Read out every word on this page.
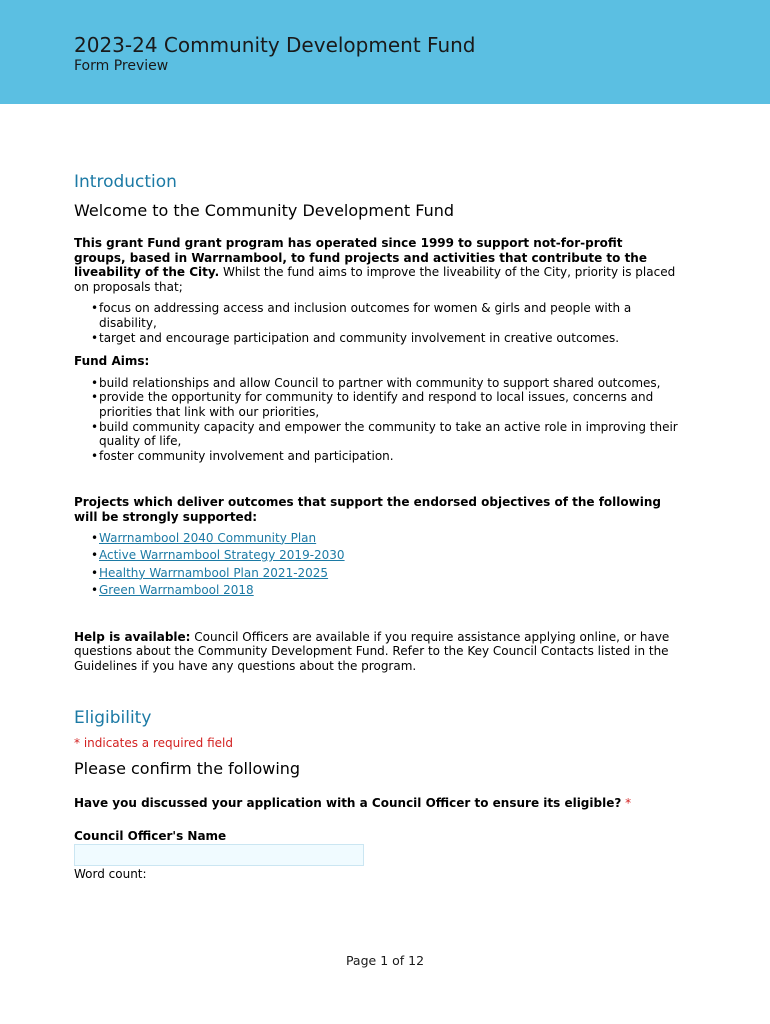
2023-24 Community Development Fund
Form Preview
Introduction
Welcome to the Community Development Fund

This grant Fund grant program has operated since 1999 to support not-for-profit groups, based in Warrnambool, to fund projects and activities that contribute to the liveability of the City. Whilst the fund aims to improve the liveability of the City, priority is placed on proposals that;

• focus on addressing access and inclusion outcomes for women & girls and people with a disability,
• target and encourage participation and community involvement in creative outcomes.

Fund Aims:

• build relationships and allow Council to partner with community to support shared outcomes,
• provide the opportunity for community to identify and respond to local issues, concerns and priorities that link with our priorities,
• build community capacity and empower the community to take an active role in improving their quality of life,
• foster community involvement and participation.

Projects which deliver outcomes that support the endorsed objectives of the following will be strongly supported:

• Warrnambool 2040 Community Plan
• Active Warrnambool Strategy 2019-2030
• Healthy Warrnambool Plan 2021-2025
• Green Warrnambool 2018

Help is available: Council Officers are available if you require assistance applying online, or have questions about the Community Development Fund. Refer to the Key Council Contacts listed in the Guidelines if you have any questions about the program.

Eligibility

* indicates a required field

Please confirm the following

Have you discussed your application with a Council Officer to ensure its eligible? *

Council Officer's Name

Word count:

Page 1 of 12
